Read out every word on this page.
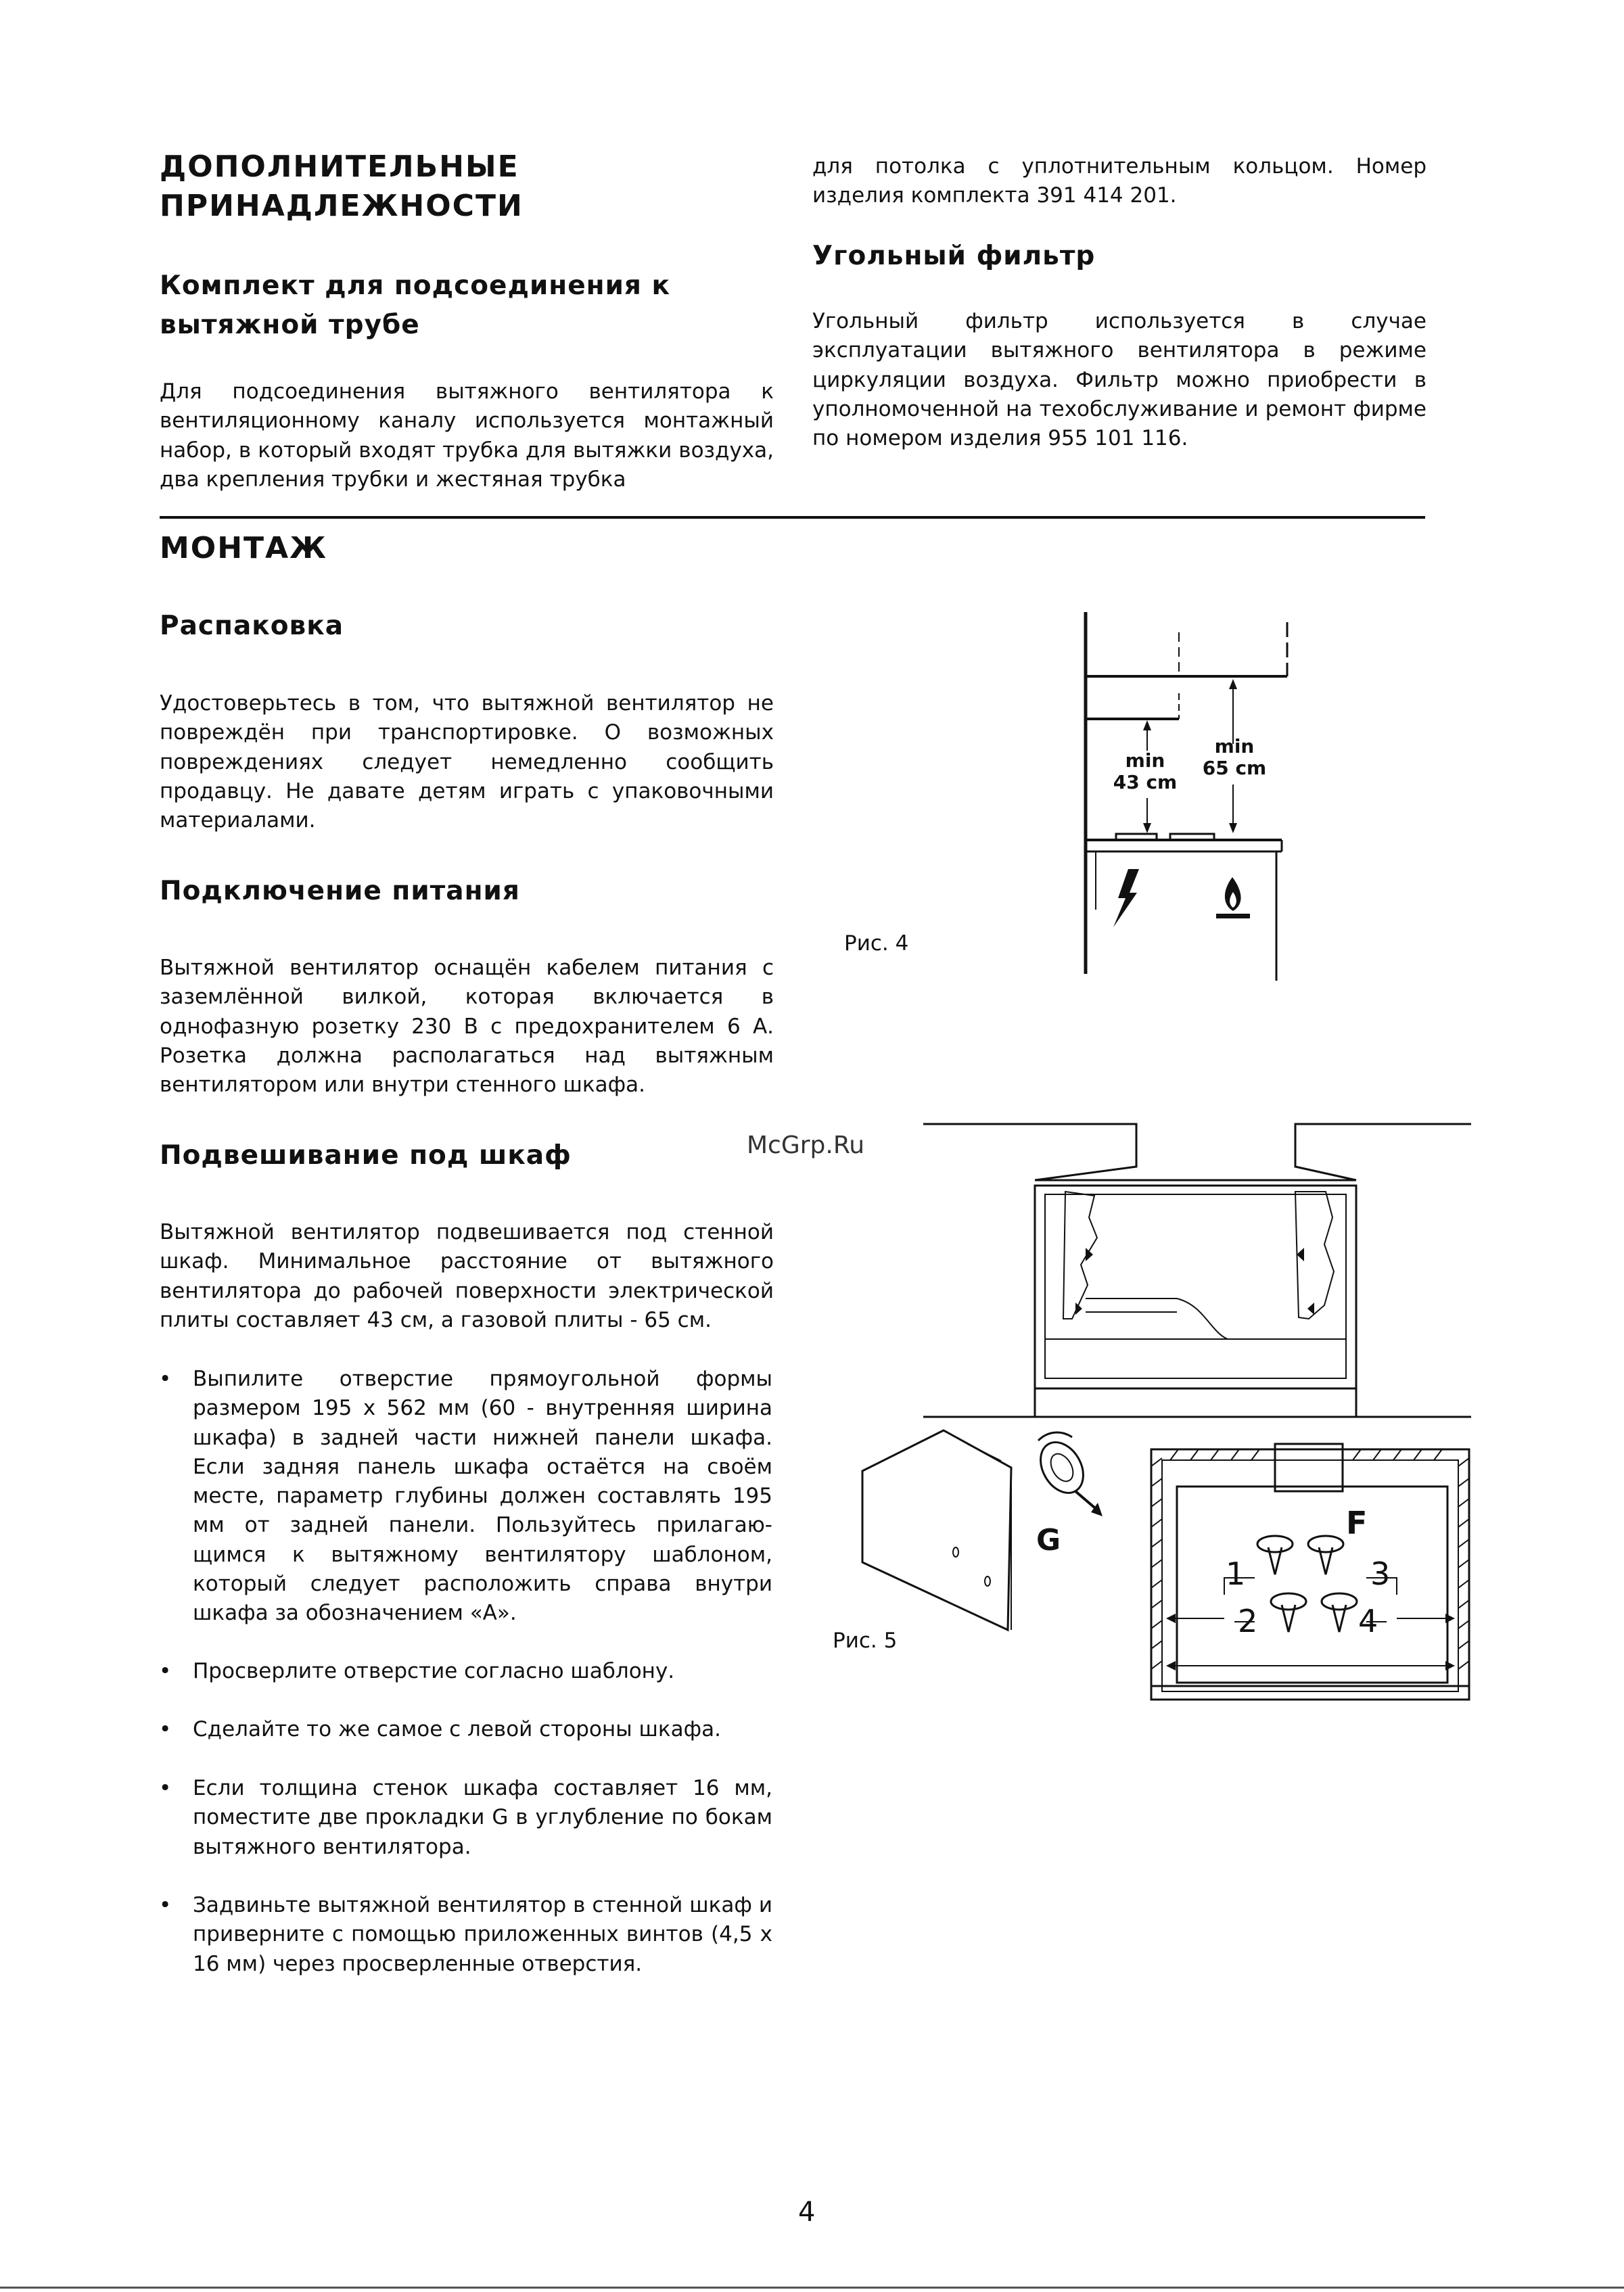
ДОПОЛНИТЕЛЬНЫЕ ПРИНАДЛЕЖНОСТИ
Комплект для подсоединения к вытяжной трубе
Для подсоединения вытяжного вентилятора к вентиляционному каналу используется монтажный набор, в который входят трубка для вытяжки воздуха, два крепления трубки и жестяная трубка
для потолка с уплотнительным кольцом. Номер изделия комплекта 391 414 201.
Угольный фильтр
Угольный фильтр используется в случае эксплуатации вытяжного вентилятора в режиме циркуляции воздуха. Фильтр можно приобрести в уполномоченной на техобслуживание и ремонт фирме по номером изделия 955 101 116.
МОНТАЖ
Распаковка
Удостоверьтесь в том, что вытяжной вентилятор не повреждён при транспортировке. О возможных повреждениях следует немедленно сообщить продавцу. Не давате детям играть с упаковочными материалами.
Подключение питания
Вытяжной вентилятор оснащён кабелем питания с заземлённой вилкой, которая включается в однофазную розетку 230 В с предохранителем 6 А. Розетка должна располагаться над вытяжным вентилятором или внутри стенного шкафа.
Подвешивание под шкаф
Вытяжной вентилятор подвешивается под стенной шкаф. Минимальное расстояние от вытяжного вентилятора до рабочей поверхности электрической плиты составляет 43 см, а газовой плиты - 65 см.
• Выпилите отверстие прямоугольной формы размером 195 x 562 мм (60 - внутренняя ширина шкафа) в задней части нижней панели шкафа. Если задняя панель шкафа остаётся на своём месте, параметр глубины должен составлять 195 мм от задней панели. Пользуйтесь прилагаю-щимся к вытяжному вентилятору шаблоном, который следует расположить справа внутри шкафа за обозначением «A».
• Просверлите отверстие согласно шаблону.
• Сделайте то же самое с левой стороны шкафа.
• Если толщина стенок шкафа составляет 16 мм, поместите две прокладки G в углубление по бокам вытяжного вентилятора.
• Задвиньте вытяжной вентилятор в стенной шкаф и приверните с помощью приложенных винтов (4,5 x 16 мм) через просверленные отверстия.
Рис. 4
min
43 cm
min
65 cm
McGrp.Ru
G
Рис. 5
F
1	3
2	4
4
